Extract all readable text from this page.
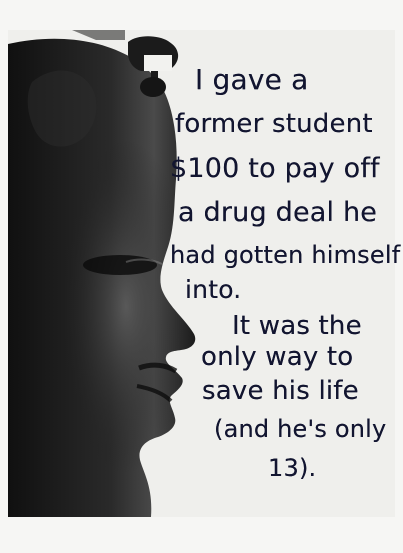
I gave a
former student
$100 to pay off
a drug deal he
had gotten himself
into.
It was the
only way to
save his life
(and he's only
13).
